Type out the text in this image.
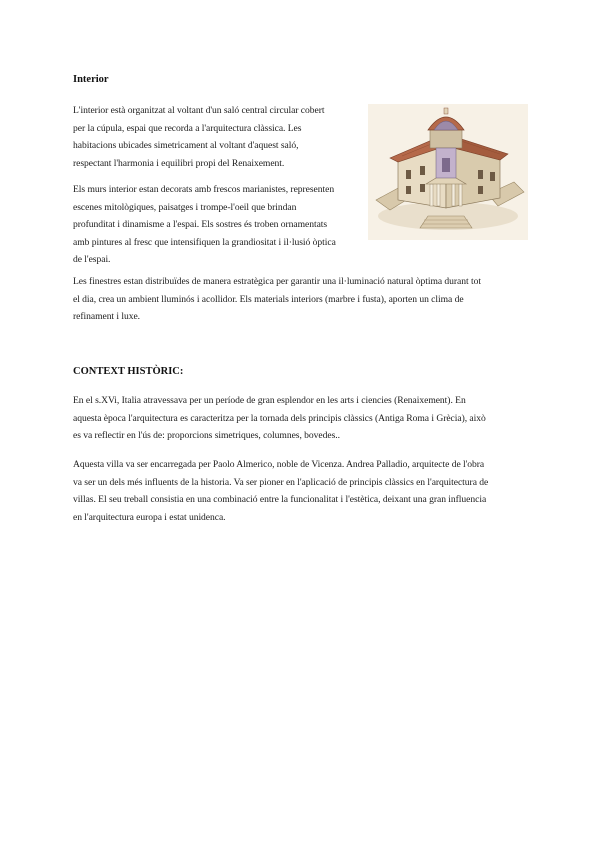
Interior

L'interior està organitzat al voltant d'un saló central circular cobert
per la cúpula, espai que recorda a l'arquitectura clàssica. Les
habitacions ubicades simetricament al voltant d'aquest saló,
respectant l'harmonia i equilibri propi del Renaixement.

Els murs interior estan decorats amb frescos marianistes, representen
escenes mitològiques, paisatges i trompe-l'oeil que brindan
profunditat i dinamisme a l'espai. Els sostres és troben ornamentats
amb pintures al fresc que intensifiquen la grandiositat i il·lusió òptica
de l'espai.

Les finestres estan distribuïdes de manera estratègica per garantir una il·luminació natural òptima durant tot
el dia, crea un ambient lluminós i acollidor. Els materials interiors (marbre i fusta), aporten un clima de
refinament i luxe.

CONTEXT HISTÒRIC:

En el s.XVi, Italia atravessava per un període de gran esplendor en les arts i ciencies (Renaixement). En
aquesta època l'arquitectura es caracteritza per la tornada dels principis clàssics (Antiga Roma i Grècia), això
es va reflectir en l'ús de: proporcions simetriques, columnes, bovedes..

Aquesta villa va ser encarregada per Paolo Almerico, noble de Vicenza. Andrea Palladio, arquitecte de l'obra
va ser un dels més influents de la historia. Va ser pioner en l'aplicació de principis clàssics en l'arquitectura de
villas. El seu treball consistia en una combinació entre la funcionalitat i l'estètica, deixant una gran influencia
en l'arquitectura europa i estat unidenca.
